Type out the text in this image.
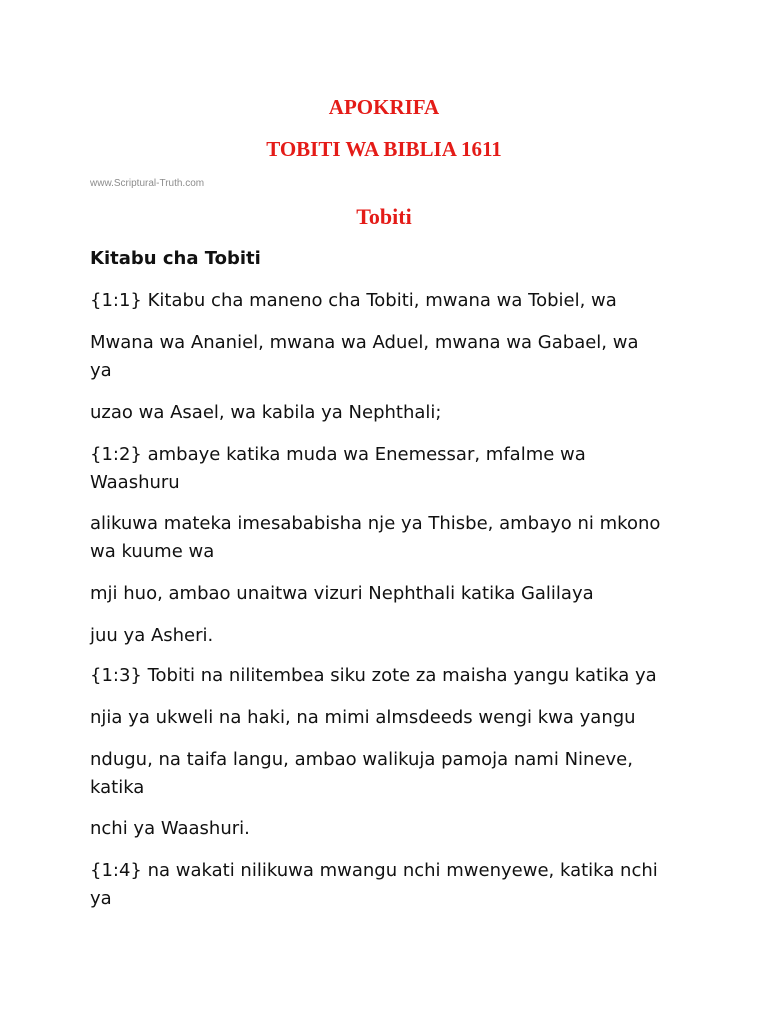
APOKRIFA
TOBITI WA BIBLIA 1611
www.Scriptural-Truth.com
Tobiti
Kitabu cha Tobiti
{1:1} Kitabu cha maneno cha Tobiti, mwana wa Tobiel, wa
Mwana wa Ananiel, mwana wa Aduel, mwana wa Gabael, wa
ya
uzao wa Asael, wa kabila ya Nephthali;
{1:2} ambaye katika muda wa Enemessar, mfalme wa
Waashuru
alikuwa mateka imesababisha nje ya Thisbe, ambayo ni mkono
wa kuume wa
mji huo, ambao unaitwa vizuri Nephthali katika Galilaya
juu ya Asheri.
{1:3} Tobiti na nilitembea siku zote za maisha yangu katika ya
njia ya ukweli na haki, na mimi almsdeeds wengi kwa yangu
ndugu, na taifa langu, ambao walikuja pamoja nami Nineve,
katika
nchi ya Waashuri.
{1:4} na wakati nilikuwa mwangu nchi mwenyewe, katika nchi
ya
